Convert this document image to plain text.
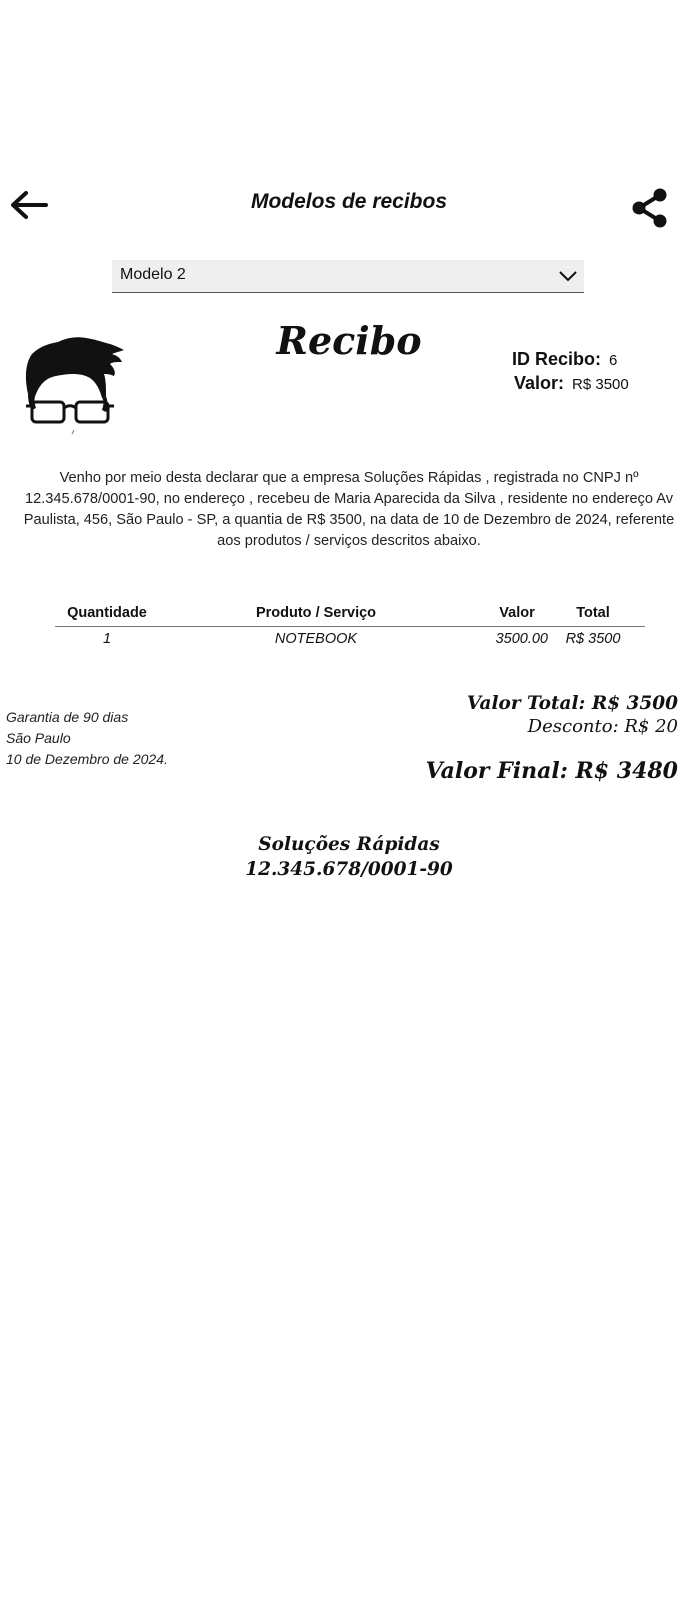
Modelos de recibos
Modelo 2
Recibo	ID Recibo: 6
Valor: R$ 3500
Venho por meio desta declarar que a empresa Soluções Rápidas , registrada no CNPJ nº 12.345.678/0001-90, no endereço , recebeu de Maria Aparecida da Silva , residente no endereço Av Paulista, 456, São Paulo - SP, a quantia de R$ 3500, na data de 10 de Dezembro de 2024, referente aos produtos / serviços descritos abaixo.
Quantidade	Produto / Serviço	Valor	Total
1	NOTEBOOK	3500.00	R$ 3500
Garantia de 90 dias
São Paulo
10 de Dezembro de 2024.
Valor Total: R$ 3500
Desconto: R$ 20
Valor Final: R$ 3480
Soluções Rápidas
12.345.678/0001-90
